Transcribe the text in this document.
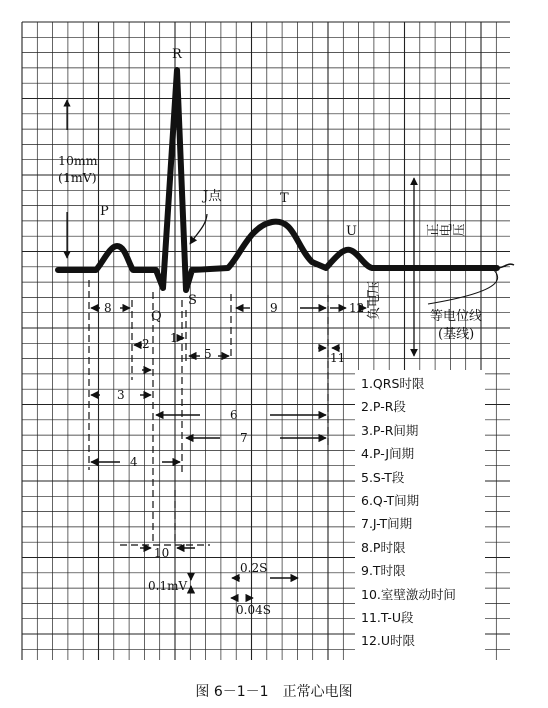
R
P
Q
S
T
U
J点
10mm
(1mV)
正电压
负电压	等电位线
(基线)
8
1
2
3
4
5
6
7
9
10
11
12
0.2S
0.04S
0.1mV
1.QRS时限
2.P-R段
3.P-R间期
4.P-J间期
5.S-T段
6.Q-T间期
7.J-T间期
8.P时限
9.T时限
10.室壁激动时间
11.T-U段
12.U时限
图 6－1－1　正常心电图
